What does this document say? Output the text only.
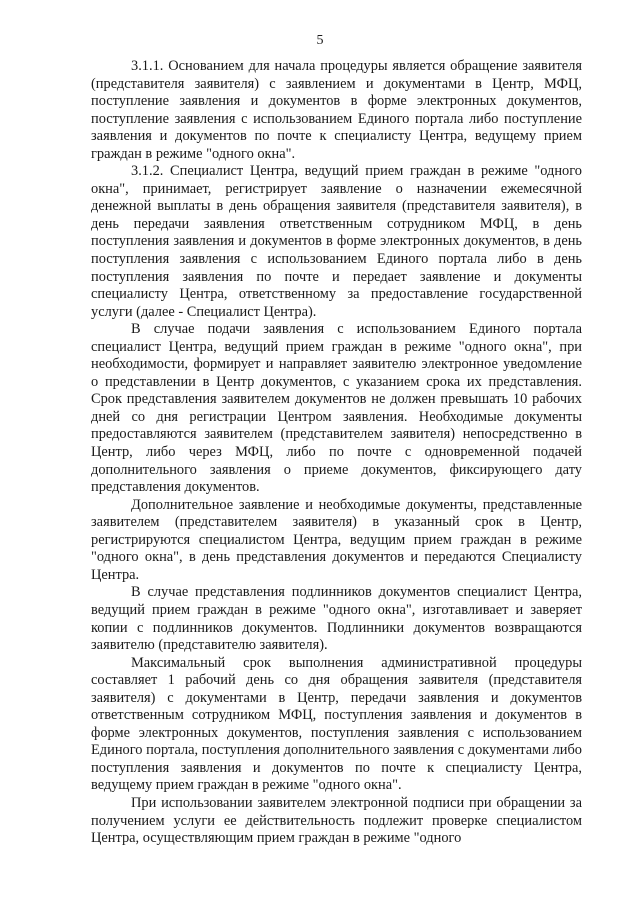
5

3.1.1. Основанием для начала процедуры является обращение заявителя (представителя заявителя) с заявлением и документами в Центр, МФЦ, поступление заявления и документов в форме электронных документов, поступление заявления с использованием Единого портала либо поступление заявления и документов по почте к специалисту Центра, ведущему прием граждан в режиме "одного окна".

3.1.2. Специалист Центра, ведущий прием граждан в режиме "одного окна", принимает, регистрирует заявление о назначении ежемесячной денежной выплаты в день обращения заявителя (представителя заявителя), в день передачи заявления ответственным сотрудником МФЦ, в день поступления заявления и документов в форме электронных документов, в день поступления заявления с использованием Единого портала либо в день поступления заявления по почте и передает заявление и документы специалисту Центра, ответственному за предоставление государственной услуги (далее - Специалист Центра).

В случае подачи заявления с использованием Единого портала специалист Центра, ведущий прием граждан в режиме "одного окна", при необходимости, формирует и направляет заявителю электронное уведомление о представлении в Центр документов, с указанием срока их представления. Срок представления заявителем документов не должен превышать 10 рабочих дней со дня регистрации Центром заявления. Необходимые документы предоставляются заявителем (представителем заявителя) непосредственно в Центр, либо через МФЦ, либо по почте с одновременной подачей дополнительного заявления о приеме документов, фиксирующего дату представления документов.

Дополнительное заявление и необходимые документы, представленные заявителем (представителем заявителя) в указанный срок в Центр, регистрируются специалистом Центра, ведущим прием граждан в режиме "одного окна", в день представления документов и передаются Специалисту Центра.

В случае представления подлинников документов специалист Центра, ведущий прием граждан в режиме "одного окна", изготавливает и заверяет копии с подлинников документов. Подлинники документов возвращаются заявителю (представителю заявителя).

Максимальный срок выполнения административной процедуры составляет 1 рабочий день со дня обращения заявителя (представителя заявителя) с документами в Центр, передачи заявления и документов ответственным сотрудником МФЦ, поступления заявления и документов в форме электронных документов, поступления заявления с использованием Единого портала, поступления дополнительного заявления с документами либо поступления заявления и документов по почте к специалисту Центра, ведущему прием граждан в режиме "одного окна".

При использовании заявителем электронной подписи при обращении за получением услуги ее действительность подлежит проверке специалистом Центра, осуществляющим прием граждан в режиме "одного
